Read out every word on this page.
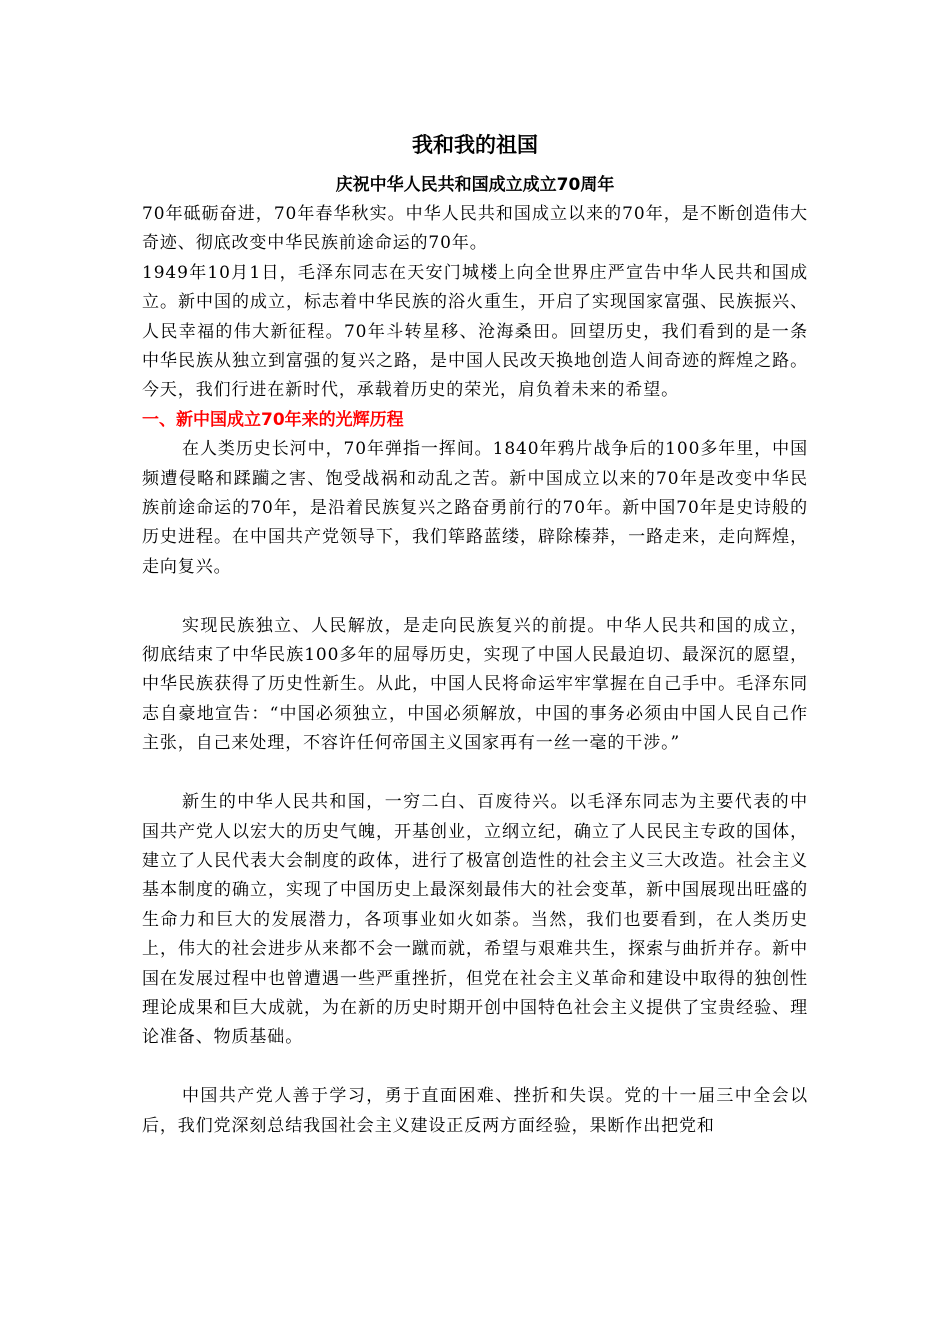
我和我的祖国
庆祝中华人民共和国成立成立70周年

70年砥砺奋进，70年春华秋实。中华人民共和国成立以来的70年，是不断创造伟大奇迹、彻底改变中华民族前途命运的70年。

1949年10月1日，毛泽东同志在天安门城楼上向全世界庄严宣告中华人民共和国成立。新中国的成立，标志着中华民族的浴火重生，开启了实现国家富强、民族振兴、人民幸福的伟大新征程。70年斗转星移、沧海桑田。回望历史，我们看到的是一条中华民族从独立到富强的复兴之路，是中国人民改天换地创造人间奇迹的辉煌之路。今天，我们行进在新时代，承载着历史的荣光，肩负着未来的希望。

一、新中国成立70年来的光辉历程

在人类历史长河中，70年弹指一挥间。1840年鸦片战争后的100多年里，中国频遭侵略和蹂躏之害、饱受战祸和动乱之苦。新中国成立以来的70年是改变中华民族前途命运的70年，是沿着民族复兴之路奋勇前行的70年。新中国70年是史诗般的历史进程。在中国共产党领导下，我们筚路蓝缕，辟除榛莽，一路走来，走向辉煌，走向复兴。

实现民族独立、人民解放，是走向民族复兴的前提。中华人民共和国的成立，彻底结束了中华民族100多年的屈辱历史，实现了中国人民最迫切、最深沉的愿望，中华民族获得了历史性新生。从此，中国人民将命运牢牢掌握在自己手中。毛泽东同志自豪地宣告：“中国必须独立，中国必须解放，中国的事务必须由中国人民自己作主张，自己来处理，不容许任何帝国主义国家再有一丝一毫的干涉。”

新生的中华人民共和国，一穷二白、百废待兴。以毛泽东同志为主要代表的中国共产党人以宏大的历史气魄，开基创业，立纲立纪，确立了人民民主专政的国体，建立了人民代表大会制度的政体，进行了极富创造性的社会主义三大改造。社会主义基本制度的确立，实现了中国历史上最深刻最伟大的社会变革，新中国展现出旺盛的生命力和巨大的发展潜力，各项事业如火如荼。当然，我们也要看到，在人类历史上，伟大的社会进步从来都不会一蹴而就，希望与艰难共生，探索与曲折并存。新中国在发展过程中也曾遭遇一些严重挫折，但党在社会主义革命和建设中取得的独创性理论成果和巨大成就，为在新的历史时期开创中国特色社会主义提供了宝贵经验、理论准备、物质基础。

中国共产党人善于学习，勇于直面困难、挫折和失误。党的十一届三中全会以后，我们党深刻总结我国社会主义建设正反两方面经验，果断作出把党和
